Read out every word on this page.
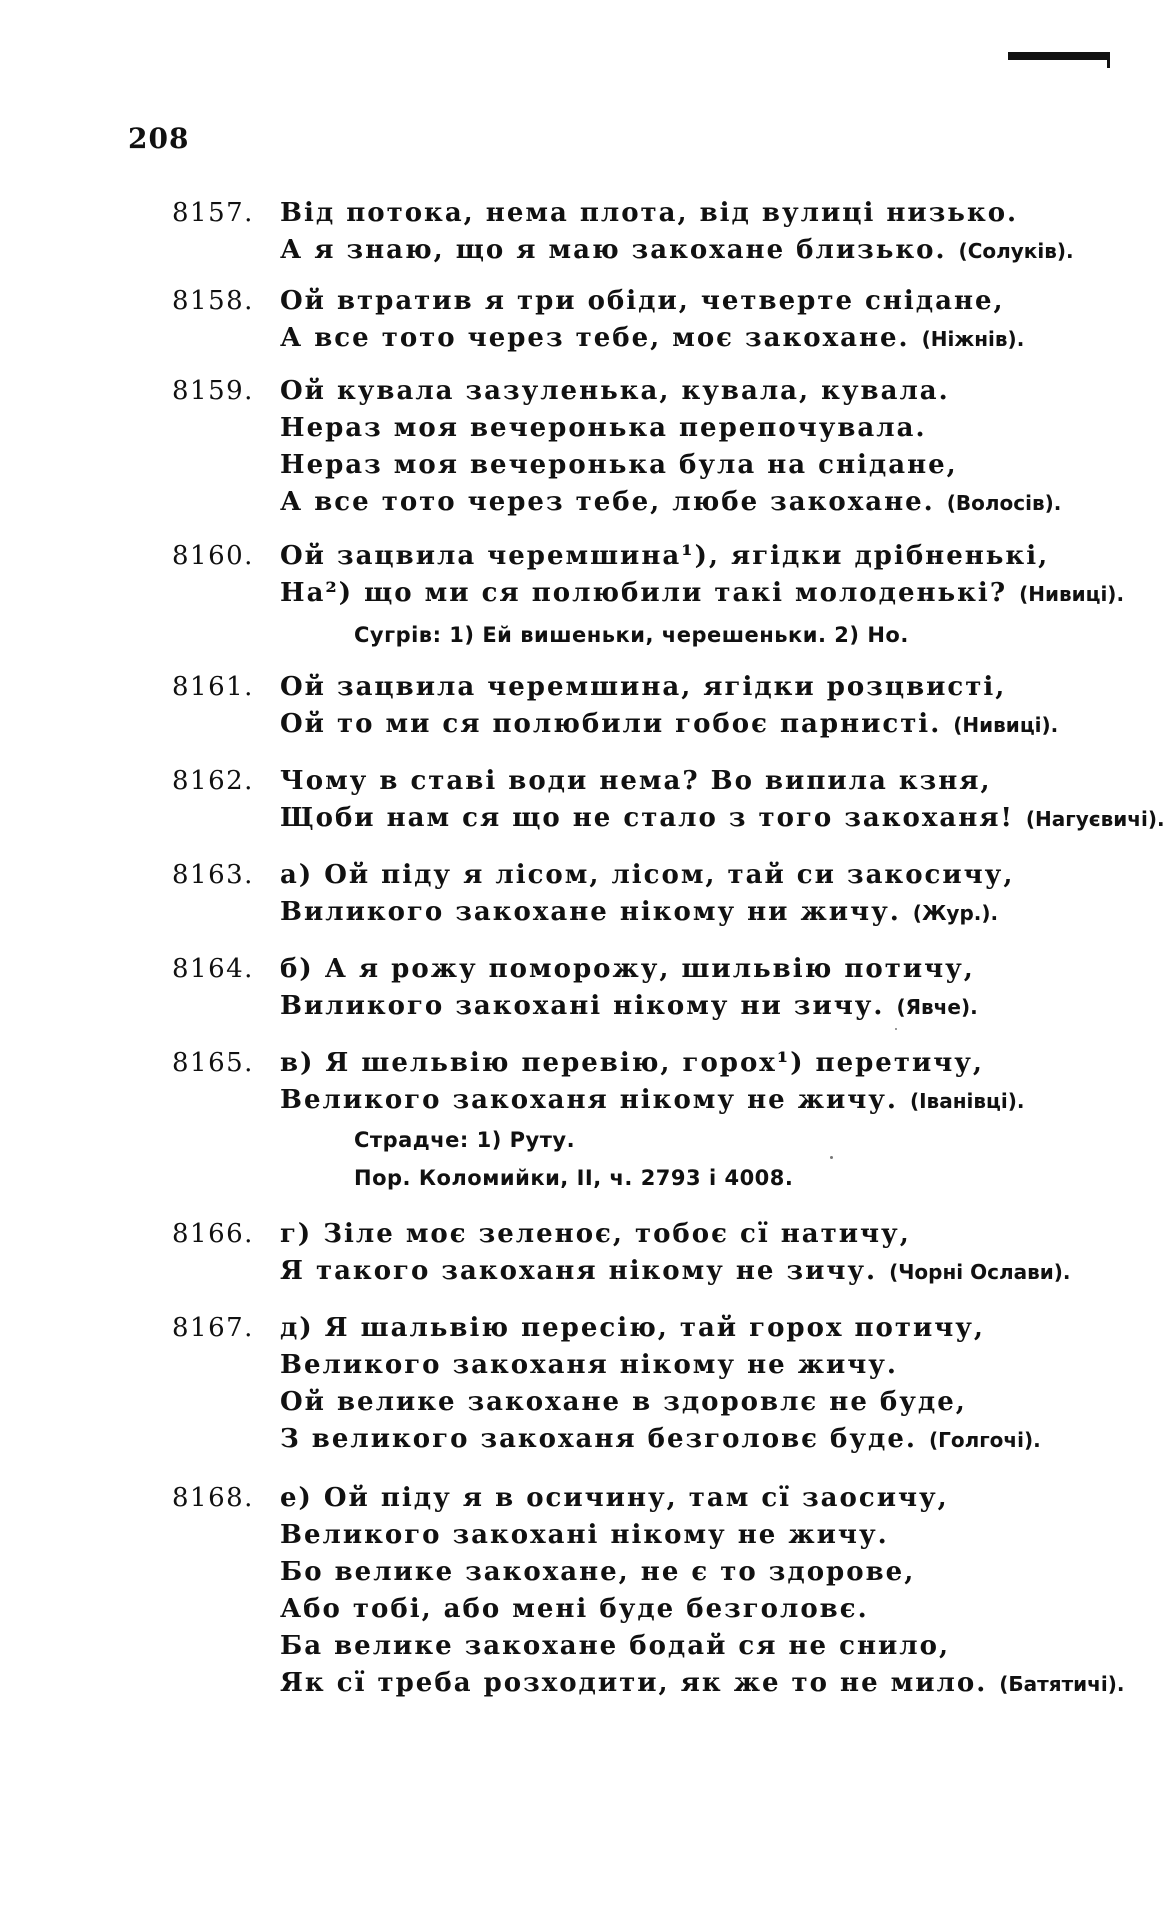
208
8157. Від потока, нема плота, від вулиці низько.
А я знаю, що я маю закохане близько. (Солуків).
8158. Ой втратив я три обіди, четверте снідане,
А все тото через тебе, моє закохане. (Ніжнів).
8159. Ой кувала зазуленька, кувала, кувала.
Нераз моя вечеронька перепочувала.
Нераз моя вечеронька була на снідане,
А все тото через тебе, любе закохане. (Волосів).
8160. Ой зацвила черемшина¹), ягідки дрібненькі,
На²) що ми ся полюбили такі молоденькі? (Нивиці).
Сугрів: 1) Ей вишеньки, черешеньки. 2) Но.
8161. Ой зацвила черемшина, ягідки розцвисті,
Ой то ми ся полюбили гобоє парнисті. (Нивиці).
8162. Чому в ставі води нема? Во випила кзня,
Щоби нам ся що не стало з того закоханя! (Нагуєвичі).
8163. а) Ой піду я лісом, лісом, тай си закосичу,
Виликого закохане нікому ни жичу. (Жур.).
8164. б) А я рожу поморожу, шильвію потичу,
Виликого закохані нікому ни зичу. (Явче).
8165. в) Я шельвію перевію, горох¹) перетичу,
Великого закоханя нікому не жичу. (Іванівці).
Страдче: 1) Руту.
Пор. Коломийки, II, ч. 2793 і 4008.
8166. г) Зіле моє зеленоє, тобоє сї натичу,
Я такого закоханя нікому не зичу. (Чорні Ослави).
8167. д) Я шальвію пересію, тай горох потичу,
Великого закоханя нікому не жичу.
Ой велике закохане в здоровлє не буде,
З великого закоханя безголовє буде. (Голгочі).
8168. е) Ой піду я в осичину, там сї заосичу,
Великого закохані нікому не жичу.
Бо велике закохане, не є то здорове,
Або тобі, або мені буде безголовє.
Ба велике закохане бодай ся не снило,
Як сї треба розходити, як же то не мило. (Батятичі).
